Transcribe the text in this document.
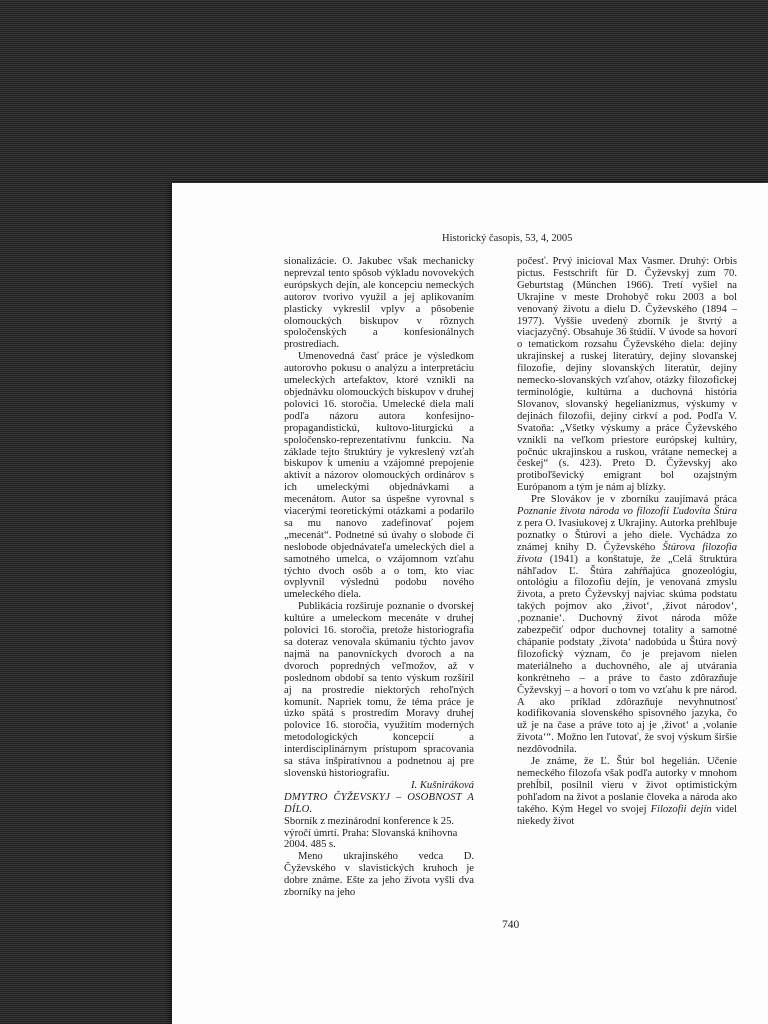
Historický časopis, 53, 4, 2005

sionalizácie. O. Jakubec však mechanicky neprevzal tento spôsob výkladu novovekých európskych dejín, ale koncepciu nemeckých autorov tvorivo využil a jej aplikovaním plasticky vykreslil vplyv a pôsobenie olomouckých biskupov v rôznych spoločenských a konfesionálnych prostrediach.

Umenovedná časť práce je výsledkom autorovho pokusu o analýzu a interpretáciu umeleckých artefaktov, ktoré vznikli na objednávku olomouckých biskupov v druhej polovici 16. storočia. Umelecké diela mali podľa názoru autora konfesijno-propagandistickú, kultovo-liturgickú a spoločensko-reprezentatívnu funkciu. Na základe tejto štruktúry je vykreslený vzťah biskupov k umeniu a vzájomné prepojenie aktivít a názorov olomouckých ordinárov s ich umeleckými objednávkami a mecenátom. Autor sa úspešne vyrovnal s viacerými teoretickými otázkami a podarilo sa mu nanovo zadefinovať pojem „mecenát“. Podnetné sú úvahy o slobode či neslobode objednávateľa umeleckých diel a samotného umelca, o vzájomnom vzťahu týchto dvoch osôb a o tom, kto viac ovplyvnil výslednú podobu nového umeleckého diela.

Publikácia rozširuje poznanie o dvorskej kultúre a umeleckom mecenáte v druhej polovici 16. storočia, pretože historiografia sa doteraz venovala skúmaniu týchto javov najmä na panovníckych dvoroch a na dvoroch popredných veľmožov, až v poslednom období sa tento výskum rozšíril aj na prostredie niektorých rehoľných komunít. Napriek tomu, že téma práce je úzko spätá s prostredím Moravy druhej polovice 16. storočia, využitím moderných metodologických koncepcií a interdisciplinárnym prístupom spracovania sa stáva inšpiratívnou a podnetnou aj pre slovenskú historiografiu.

I. Kušniráková

DMYTRO ČYŽEVSKYJ – OSOBNOST A DÍLO.

Sborník z mezinárodní konference k 25. výročí úmrtí. Praha: Slovanská knihovna 2004. 485 s.

Meno ukrajinského vedca D. Čyževského v slavistických kruhoch je dobre známe. Ešte za jeho života vyšli dva zborníky na jeho

počesť. Prvý inicioval Max Vasmer. Druhý: Orbis pictus. Festschrift für D. Čyževskyj zum 70. Geburtstag (München 1966). Tretí vyšiel na Ukrajine v meste Drohobyč roku 2003 a bol venovaný životu a dielu D. Čyževského (1894 – 1977). Vyššie uvedený zborník je štvrtý a viacjazyčný. Obsahuje 36 štúdií. V úvode sa hovorí o tematickom rozsahu Čyževského diela: dejiny ukrajinskej a ruskej literatúry, dejiny slovanskej filozofie, dejiny slovanských literatúr, dejiny nemecko-slovanských vzťahov, otázky filozofickej terminológie, kultúrna a duchovná história Slovanov, slovanský hegelianizmus, výskumy v dejinách filozofii, dejiny cirkví a pod. Podľa V. Svatoňa: „Všetky výskumy a práce Čyževského vznikli na veľkom priestore európskej kultúry, počnúc ukrajinskou a ruskou, vrátane nemeckej a českej“ (s. 423). Preto D. Čyževskyj ako protiboľševický emigrant bol ozajstným Európanom a tým je nám aj blízky.

Pre Slovákov je v zborníku zaujímavá práca Poznanie života národa vo filozofii Ľudovíta Štúra z pera O. Ivasiukovej z Ukrajiny. Autorka prehlbuje poznatky o Štúrovi a jeho diele. Vychádza zo známej knihy D. Čyževského Štúrova filozofia života (1941) a konštatuje, že „Celá štruktúra náhľadov Ľ. Štúra zahŕňajúca gnozeológiu, ontológiu a filozofiu dejín, je venovaná zmyslu života, a preto Čyževskyj najviac skúma podstatu takých pojmov ako ‚život‘, ‚život národov‘, ‚poznanie‘. Duchovný život národa môže zabezpečiť odpor duchovnej totality a samotné chápanie podstaty ‚života‘ nadobúda u Štúra nový filozofický význam, čo je prejavom nielen materiálneho a duchovného, ale aj utvárania konkrétneho – a práve to často zdôrazňuje Čyževskyj – a hovorí o tom vo vzťahu k pre národ. A ako príklad zdôrazňuje nevyhnutnosť kodifikovania slovenského spisovného jazyka, čo už je na čase a práve toto aj je ‚život‘ a ‚volanie života‘“. Možno len ľutovať, že svoj výskum širšie nezdôvodnila.

Je známe, že Ľ. Štúr bol hegelián. Učenie nemeckého filozofa však podľa autorky v mnohom prehĺbil, posilnil vieru v život optimistickým pohľadom na život a poslanie človeka a národa ako takého. Kým Hegel vo svojej Filozofii dejín videl niekedy život

740
